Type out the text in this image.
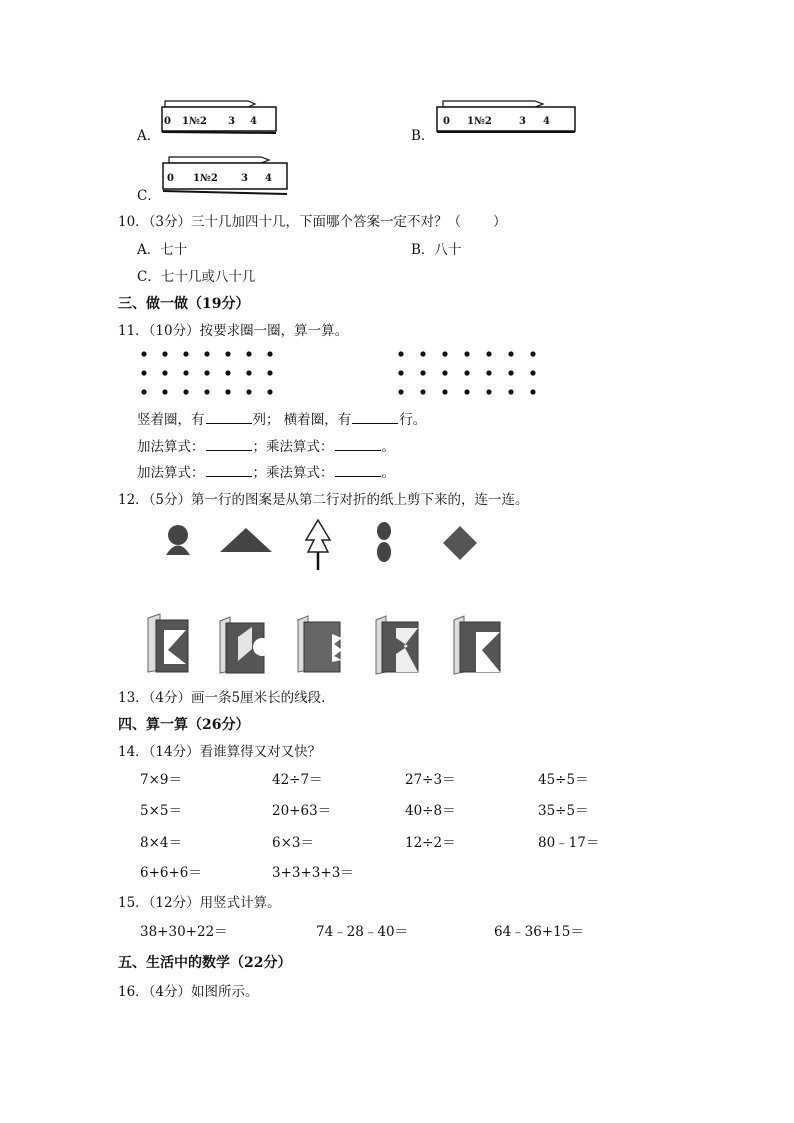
A．
0 1№2 3 4
B．
0 1№2	3 4
C．
0 1№2 3 4
10．（3分）三十几加四十几，下面哪个答案一定不对？（ ）
A．七十	B．八十
C．七十几或八十几
三、做一做（19分）
11．（10分）按要求圈一圈，算一算。
竖着圈，有	列； 横着圈，有	行。
加法算式：	；乘法算式：	。
加法算式：	；乘法算式：	。
12．（5分）第一行的图案是从第二行对折的纸上剪下来的，连一连。
13．（4分）画一条5厘米长的线段．
四、算一算（26分）
14．（14分）看谁算得又对又快？
7×9＝	42÷7＝	27÷3＝	45÷5＝
5×5＝	20+63＝	40÷8＝	35÷5＝
8×4＝	6×3＝	12÷2＝	80﹣17＝
6+6+6＝	3+3+3+3＝
15．（12分）用竖式计算。
38+30+22＝	74﹣28﹣40＝	64﹣36+15＝
五、生活中的数学（22分）
16．（4分）如图所示。
